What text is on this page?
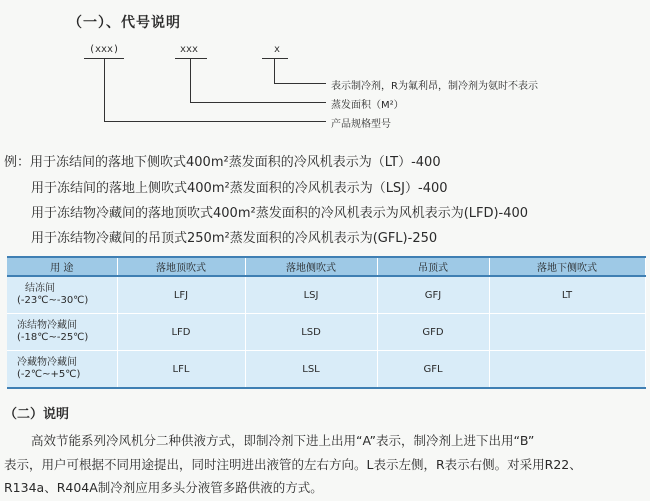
（一）、代号说明
(xxx)	xxx	x
表示制冷剂，R为氟利昂，制冷剂为氨时不表示
蒸发面积（M²）
产品规格型号
例：用于冻结间的落地下侧吹式400m²蒸发面积的冷风机表示为（LT）-400
用于冻结间的落地上侧吹式400m²蒸发面积的冷风机表示为（LSJ）-400
用于冻结物冷藏间的落地顶吹式400m²蒸发面积的冷风机表示为风机表示为(LFD)-400
用于冻结物冷藏间的吊顶式250m²蒸发面积的冷风机表示为(GFL)-250
用 途	落地顶吹式	落地侧吹式	吊顶式	落地下侧吹式

结冻间
(-23℃~-30℃)	LFJ	LSJ	GFJ	LT

冻结物冷藏间
(-18℃~-25℃)	LFD	LSD	GFD	

冷藏物冷藏间
(-2℃~+5℃)	LFL	LSL	GFL	
（二）说明
高效节能系列冷风机分二种供液方式，即制冷剂下进上出用“A”表示，制冷剂上进下出用“B”
表示，用户可根据不同用途提出，同时注明进出液管的左右方向。L表示左侧，R表示右侧。对采用R22、
R134a、R404A制冷剂应用多头分液管多路供液的方式。
